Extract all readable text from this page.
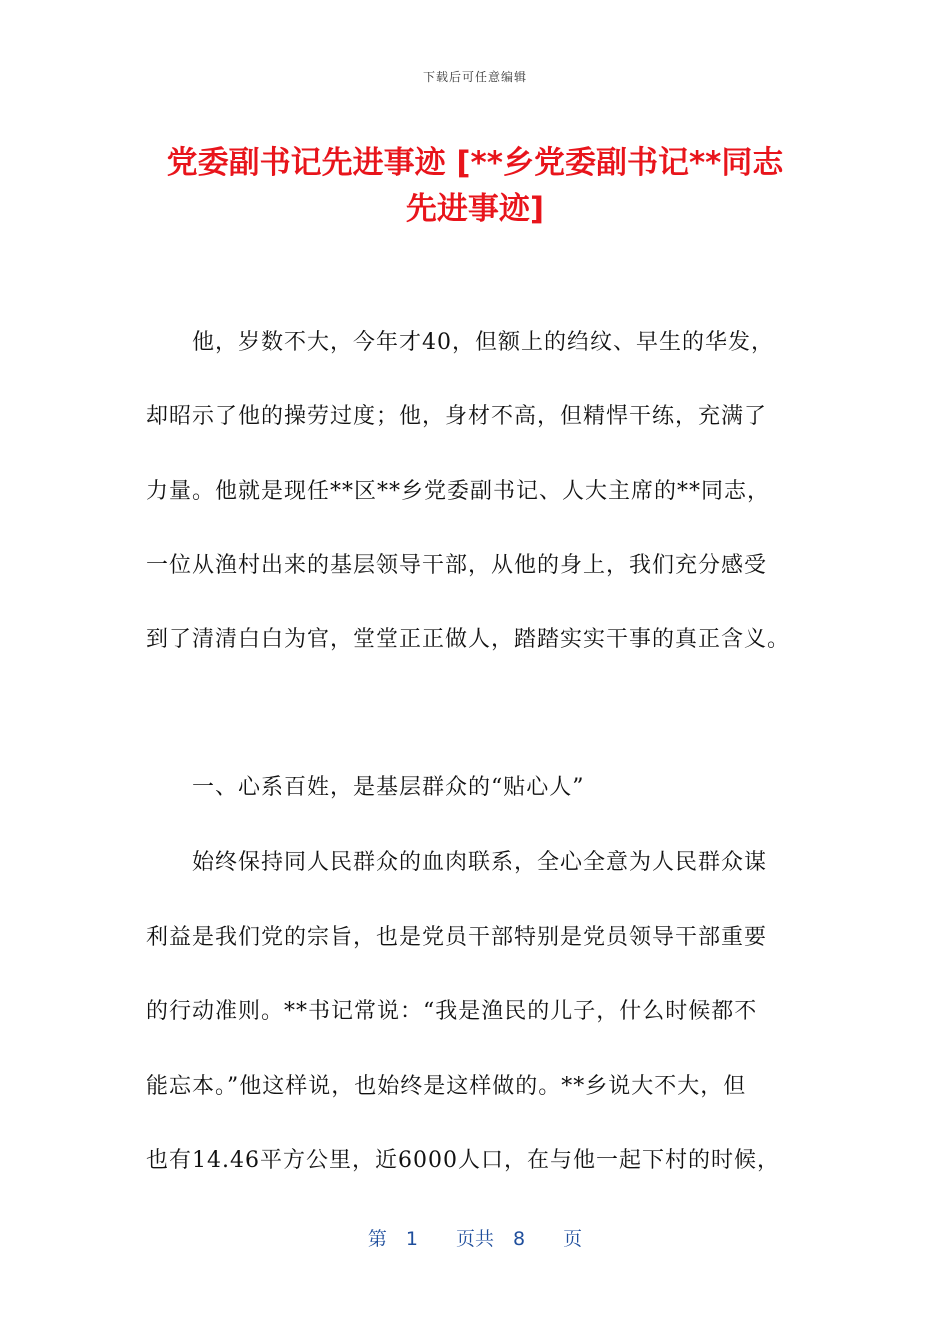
下载后可任意编辑
党委副书记先进事迹 [**乡党委副书记**同志
先进事迹]
　　他，岁数不大，今年才40，但额上的绉纹、早生的华发，
却昭示了他的操劳过度；他，身材不高，但精悍干练，充满了
力量。他就是现任**区**乡党委副书记、人大主席的**同志，
一位从渔村出来的基层领导干部，从他的身上，我们充分感受
到了清清白白为官，堂堂正正做人，踏踏实实干事的真正含义。
　　一、心系百姓，是基层群众的“贴心人”
　　始终保持同人民群众的血肉联系，全心全意为人民群众谋
利益是我们党的宗旨，也是党员干部特别是党员领导干部重要
的行动准则。**书记常说：“我是渔民的儿子，什么时候都不
能忘本。”他这样说，也始终是这样做的。**乡说大不大，但
也有14.46平方公里，近6000人口，在与他一起下村的时候，
第　1　　页共　8　　页
